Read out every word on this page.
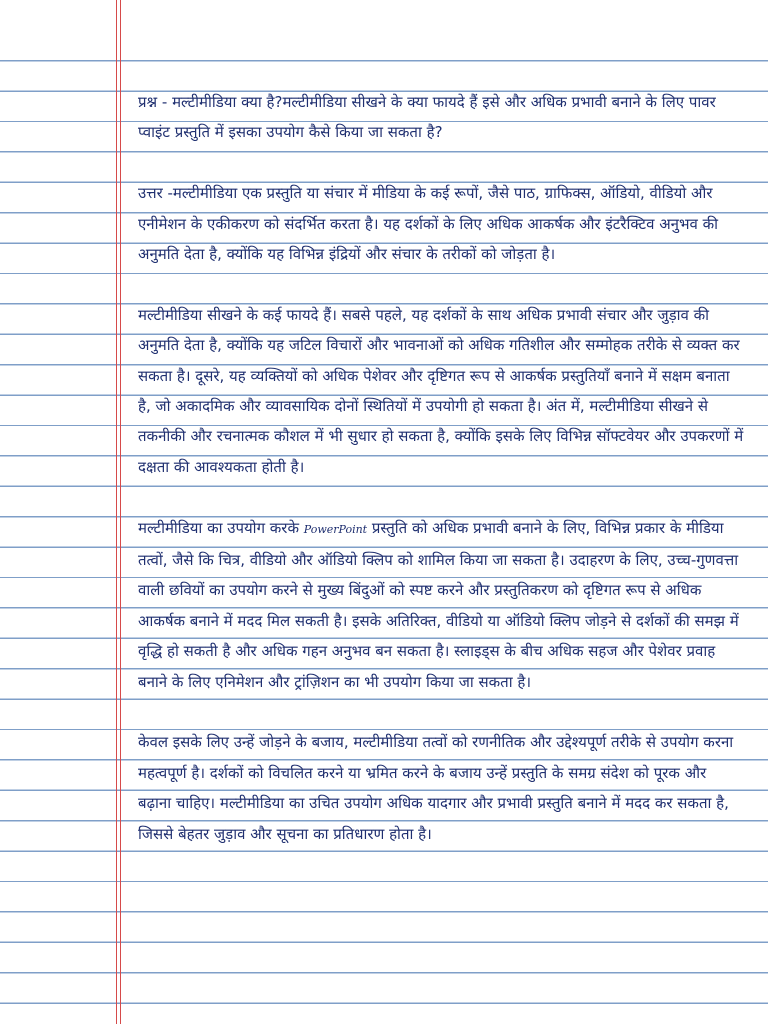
प्रश्न - मल्टीमीडिया क्या है?मल्टीमीडिया सीखने के क्या फायदे हैं इसे और अधिक प्रभावी बनाने के लिए पावर प्वाइंट प्रस्तुति में इसका उपयोग कैसे किया जा सकता है?

उत्तर -मल्टीमीडिया एक प्रस्तुति या संचार में मीडिया के कई रूपों, जैसे पाठ, ग्राफिक्स, ऑडियो, वीडियो और एनीमेशन के एकीकरण को संदर्भित करता है। यह दर्शकों के लिए अधिक आकर्षक और इंटरैक्टिव अनुभव की अनुमति देता है, क्योंकि यह विभिन्न इंद्रियों और संचार के तरीकों को जोड़ता है।

मल्टीमीडिया सीखने के कई फायदे हैं। सबसे पहले, यह दर्शकों के साथ अधिक प्रभावी संचार और जुड़ाव की अनुमति देता है, क्योंकि यह जटिल विचारों और भावनाओं को अधिक गतिशील और सम्मोहक तरीके से व्यक्त कर सकता है। दूसरे, यह व्यक्तियों को अधिक पेशेवर और दृष्टिगत रूप से आकर्षक प्रस्तुतियाँ बनाने में सक्षम बनाता है, जो अकादमिक और व्यावसायिक दोनों स्थितियों में उपयोगी हो सकता है। अंत में, मल्टीमीडिया सीखने से तकनीकी और रचनात्मक कौशल में भी सुधार हो सकता है, क्योंकि इसके लिए विभिन्न सॉफ्टवेयर और उपकरणों में दक्षता की आवश्यकता होती है।

मल्टीमीडिया का उपयोग करके PowerPoint प्रस्तुति को अधिक प्रभावी बनाने के लिए, विभिन्न प्रकार के मीडिया तत्वों, जैसे कि चित्र, वीडियो और ऑडियो क्लिप को शामिल किया जा सकता है। उदाहरण के लिए, उच्च-गुणवत्ता वाली छवियों का उपयोग करने से मुख्य बिंदुओं को स्पष्ट करने और प्रस्तुतिकरण को दृष्टिगत रूप से अधिक आकर्षक बनाने में मदद मिल सकती है। इसके अतिरिक्त, वीडियो या ऑडियो क्लिप जोड़ने से दर्शकों की समझ में वृद्धि हो सकती है और अधिक गहन अनुभव बन सकता है। स्लाइड्स के बीच अधिक सहज और पेशेवर प्रवाह बनाने के लिए एनिमेशन और ट्रांज़िशन का भी उपयोग किया जा सकता है।

केवल इसके लिए उन्हें जोड़ने के बजाय, मल्टीमीडिया तत्वों को रणनीतिक और उद्देश्यपूर्ण तरीके से उपयोग करना महत्वपूर्ण है। दर्शकों को विचलित करने या भ्रमित करने के बजाय उन्हें प्रस्तुति के समग्र संदेश को पूरक और बढ़ाना चाहिए। मल्टीमीडिया का उचित उपयोग अधिक यादगार और प्रभावी प्रस्तुति बनाने में मदद कर सकता है, जिससे बेहतर जुड़ाव और सूचना का प्रतिधारण होता है।
